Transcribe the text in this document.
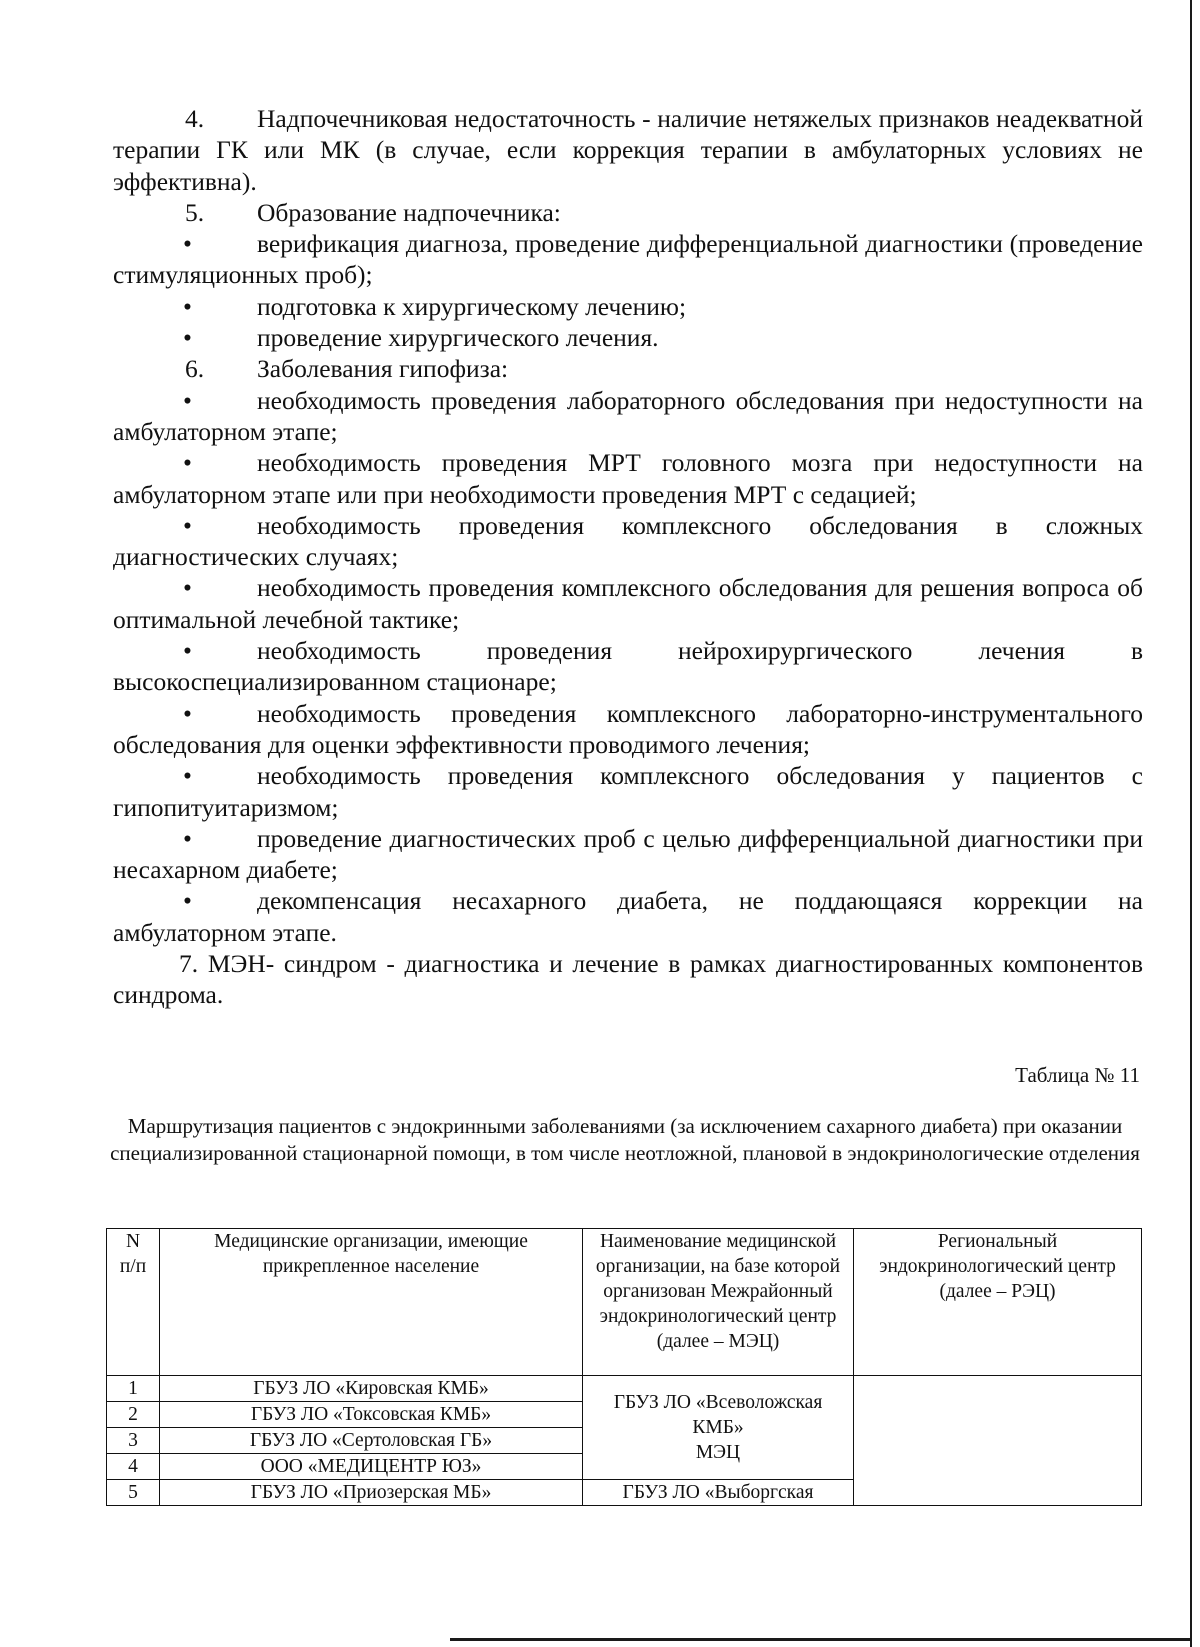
4. Надпочечниковая недостаточность - наличие нетяжелых признаков неадекватной терапии ГК или МК (в случае, если коррекция терапии в амбулаторных условиях не эффективна).

5. Образование надпочечника:

•	верификация диагноза, проведение дифференциальной диагностики (проведение стимуляционных проб);

•	подготовка к хирургическому лечению;

•	проведение хирургического лечения.

6. Заболевания гипофиза:

•	необходимость проведения лабораторного обследования при недоступности на амбулаторном этапе;

•	необходимость проведения МРТ головного мозга при недоступности на амбулаторном этапе или при необходимости проведения МРТ с седацией;

•	необходимость проведения комплексного обследования в сложных диагностических случаях;

•	необходимость проведения комплексного обследования для решения вопроса об оптимальной лечебной тактике;

•	необходимость проведения нейрохирургического лечения в высокоспециализированном стационаре;

•	необходимость проведения комплексного лабораторно-инструментального обследования для оценки эффективности проводимого лечения;

•	необходимость проведения комплексного обследования у пациентов с гипопитуитаризмом;

•	проведение диагностических проб с целью дифференциальной диагностики при несахарном диабете;

•	декомпенсация несахарного диабета, не поддающаяся коррекции на амбулаторном этапе.

7. МЭН- синдром - диагностика и лечение в рамках диагностированных компонентов синдрома.

Таблица № 11
Маршрутизация пациентов с эндокринными заболеваниями (за исключением сахарного диабета) при оказании специализированной стационарной помощи, в том числе неотложной, плановой в эндокринологические отделения
N
п/п	Медицинские организации, имеющие прикрепленное население	Наименование медицинской организации, на базе которой организован Межрайонный эндокринологический центр (далее – МЭЦ)	Региональный эндокринологический центр (далее – РЭЦ)
1	ГБУЗ ЛО «Кировская КМБ»	ГБУЗ ЛО «Всеволожская КМБ»
МЭЦ	
2	ГБУЗ ЛО «Токсовская КМБ»		
3	ГБУЗ ЛО «Сертоловская ГБ»		
4	ООО «МЕДИЦЕНТР ЮЗ»		
5	ГБУЗ ЛО «Приозерская МБ»	ГБУЗ ЛО «Выборгская	
